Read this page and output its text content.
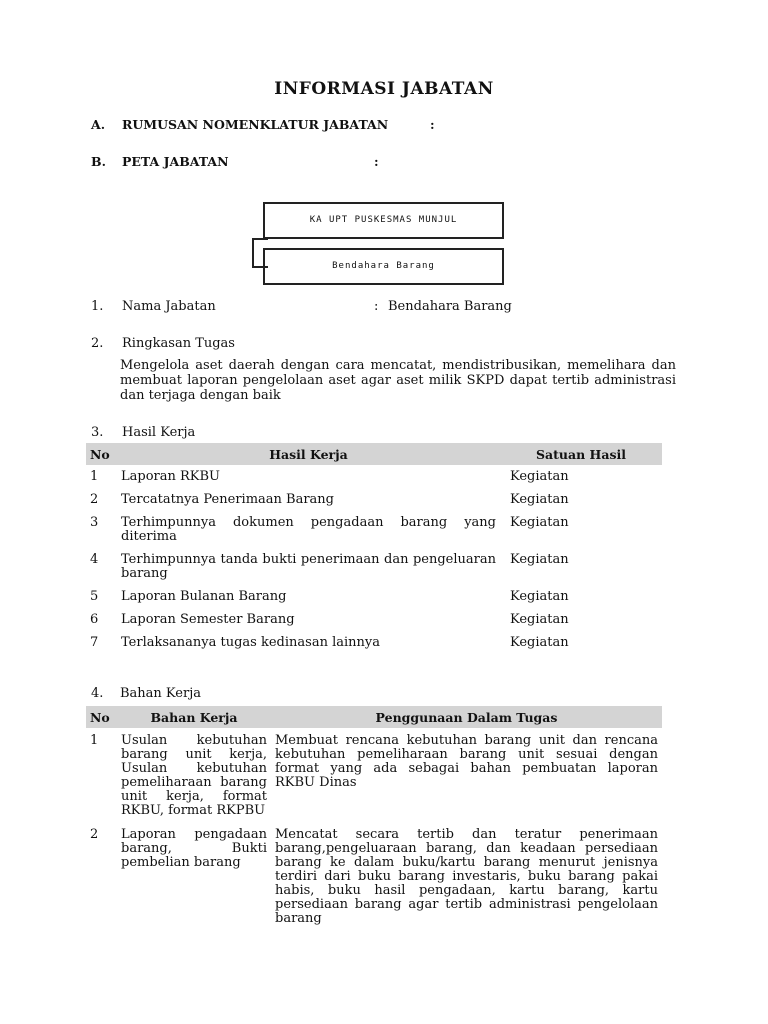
INFORMASI JABATAN
A. RUMUSAN NOMENKLATUR JABATAN	:
B. PETA JABATAN	:
KA UPT PUSKESMAS MUNJUL
Bendahara Barang
1. Nama Jabatan	: Bendahara Barang
2. Ringkasan Tugas
Mengelola aset daerah dengan cara mencatat, mendistribusikan, memelihara dan membuat laporan pengelolaan aset agar aset milik SKPD dapat tertib administrasi dan terjaga dengan baik
3. Hasil Kerja
No	Hasil Kerja	Satuan Hasil
1	Laporan RKBU	Kegiatan
2	Tercatatnya Penerimaan Barang	Kegiatan
3	Terhimpunnya dokumen pengadaan barang yang diterima	Kegiatan
4	Terhimpunnya tanda bukti penerimaan dan pengeluaran barang	Kegiatan
5	Laporan Bulanan Barang	Kegiatan
6	Laporan Semester Barang	Kegiatan
7	Terlaksananya tugas kedinasan lainnya	Kegiatan
4. Bahan Kerja
No	Bahan Kerja	Penggunaan Dalam Tugas
1	Usulan kebutuhan barang unit kerja, Usulan kebutuhan pemeliharaan barang unit kerja, format RKBU, format RKPBU	Membuat rencana kebutuhan barang unit dan rencana kebutuhan pemeliharaan barang unit sesuai dengan format yang ada sebagai bahan pembuatan laporan RKBU Dinas
2	Laporan pengadaan barang, Bukti pembelian barang	Mencatat secara tertib dan teratur penerimaan barang,pengeluaraan barang, dan keadaan persediaan barang ke dalam buku/kartu barang menurut jenisnya terdiri dari buku barang investaris, buku barang pakai habis, buku hasil pengadaan, kartu barang, kartu persediaan barang agar tertib administrasi pengelolaan barang
